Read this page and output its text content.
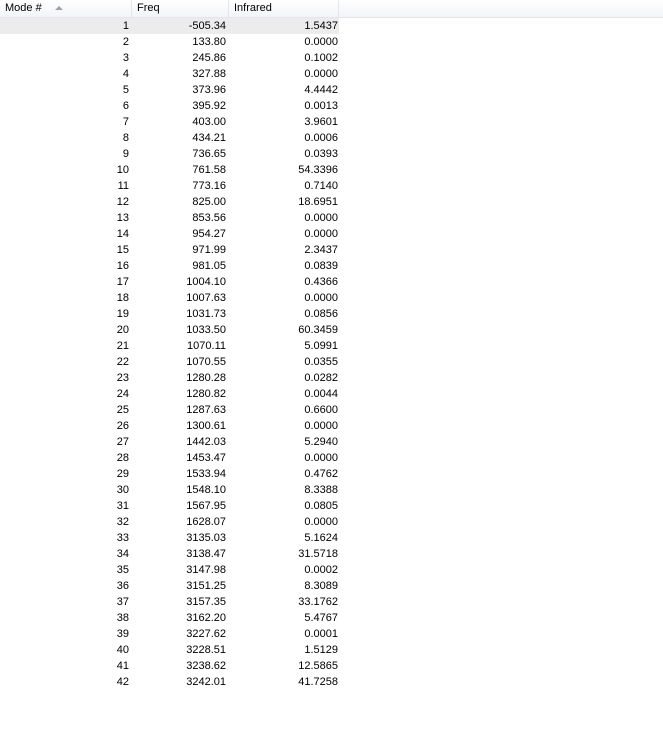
Mode #	Freq	Infrared
1	-505.34	1.5437
2	133.80	0.0000
3	245.86	0.1002
4	327.88	0.0000
5	373.96	4.4442
6	395.92	0.0013
7	403.00	3.9601
8	434.21	0.0006
9	736.65	0.0393
10	761.58	54.3396
11	773.16	0.7140
12	825.00	18.6951
13	853.56	0.0000
14	954.27	0.0000
15	971.99	2.3437
16	981.05	0.0839
17	1004.10	0.4366
18	1007.63	0.0000
19	1031.73	0.0856
20	1033.50	60.3459
21	1070.11	5.0991
22	1070.55	0.0355
23	1280.28	0.0282
24	1280.82	0.0044
25	1287.63	0.6600
26	1300.61	0.0000
27	1442.03	5.2940
28	1453.47	0.0000
29	1533.94	0.4762
30	1548.10	8.3388
31	1567.95	0.0805
32	1628.07	0.0000
33	3135.03	5.1624
34	3138.47	31.5718
35	3147.98	0.0002
36	3151.25	8.3089
37	3157.35	33.1762
38	3162.20	5.4767
39	3227.62	0.0001
40	3228.51	1.5129
41	3238.62	12.5865
42	3242.01	41.7258
